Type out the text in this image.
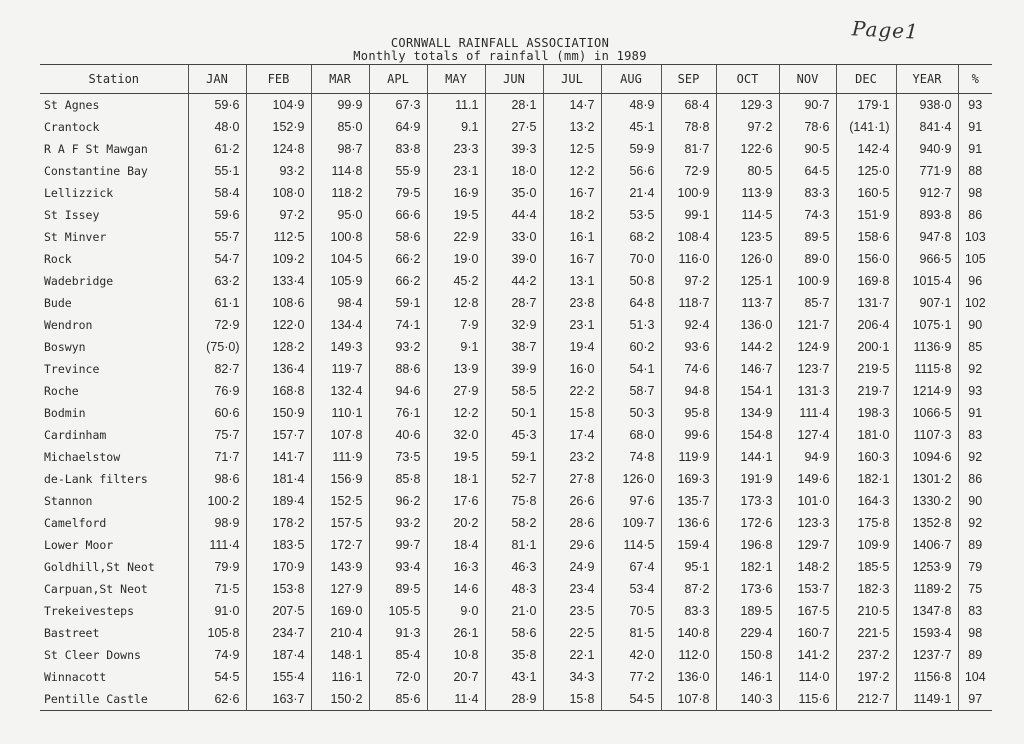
Page1
CORNWALL RAINFALL ASSOCIATION
Monthly totals of rainfall (mm) in 1989
Station	JAN	FEB	MAR	APL	MAY	JUN	JUL	AUG	SEP	OCT	NOV	DEC	YEAR	%
St Agnes	59·6	104·9	99·9	67·3	11.1	28·1	14·7	48·9	68·4	129·3	90·7	179·1	938·0	93
Crantock	48·0	152·9	85·0	64·9	9.1	27·5	13·2	45·1	78·8	97·2	78·6	(141·1)	841·4	91
R A F St Mawgan	61·2	124·8	98·7	83·8	23·3	39·3	12·5	59·9	81·7	122·6	90·5	142·4	940·9	91
Constantine Bay	55·1	93·2	114·8	55·9	23·1	18·0	12·2	56·6	72·9	80·5	64·5	125·0	771·9	88
Lellizzick	58·4	108·0	118·2	79·5	16·9	35·0	16·7	21·4	100·9	113·9	83·3	160·5	912·7	98
St Issey	59·6	97·2	95·0	66·6	19·5	44·4	18·2	53·5	99·1	114·5	74·3	151·9	893·8	86
St Minver	55·7	112·5	100·8	58·6	22·9	33·0	16·1	68·2	108·4	123·5	89·5	158·6	947·8	103
Rock	54·7	109·2	104·5	66·2	19·0	39·0	16·7	70·0	116·0	126·0	89·0	156·0	966·5	105
Wadebridge	63·2	133·4	105·9	66·2	45·2	44·2	13·1	50·8	97·2	125·1	100·9	169·8	1015·4	96
Bude	61·1	108·6	98·4	59·1	12·8	28·7	23·8	64·8	118·7	113·7	85·7	131·7	907·1	102
Wendron	72·9	122·0	134·4	74·1	7·9	32·9	23·1	51·3	92·4	136·0	121·7	206·4	1075·1	90
Boswyn	(75·0)	128·2	149·3	93·2	9·1	38·7	19·4	60·2	93·6	144·2	124·9	200·1	1136·9	85
Trevince	82·7	136·4	119·7	88·6	13·9	39·9	16·0	54·1	74·6	146·7	123·7	219·5	1115·8	92
Roche	76·9	168·8	132·4	94·6	27·9	58·5	22·2	58·7	94·8	154·1	131·3	219·7	1214·9	93
Bodmin	60·6	150·9	110·1	76·1	12·2	50·1	15·8	50·3	95·8	134·9	111·4	198·3	1066·5	91
Cardinham	75·7	157·7	107·8	40·6	32·0	45·3	17·4	68·0	99·6	154·8	127·4	181·0	1107·3	83
Michaelstow	71·7	141·7	111·9	73·5	19·5	59·1	23·2	74·8	119·9	144·1	94·9	160·3	1094·6	92
de-Lank filters	98·6	181·4	156·9	85·8	18·1	52·7	27·8	126·0	169·3	191·9	149·6	182·1	1301·2	86
Stannon	100·2	189·4	152·5	96·2	17·6	75·8	26·6	97·6	135·7	173·3	101·0	164·3	1330·2	90
Camelford	98·9	178·2	157·5	93·2	20·2	58·2	28·6	109·7	136·6	172·6	123·3	175·8	1352·8	92
Lower Moor	111·4	183·5	172·7	99·7	18·4	81·1	29·6	114·5	159·4	196·8	129·7	109·9	1406·7	89
Goldhill,St Neot	79·9	170·9	143·9	93·4	16·3	46·3	24·9	67·4	95·1	182·1	148·2	185·5	1253·9	79
Carpuan,St Neot	71·5	153·8	127·9	89·5	14·6	48·3	23·4	53·4	87·2	173·6	153·7	182·3	1189·2	75
Trekeivesteps	91·0	207·5	169·0	105·5	9·0	21·0	23·5	70·5	83·3	189·5	167·5	210·5	1347·8	83
Bastreet	105·8	234·7	210·4	91·3	26·1	58·6	22·5	81·5	140·8	229·4	160·7	221·5	1593·4	98
St Cleer Downs	74·9	187·4	148·1	85·4	10·8	35·8	22·1	42·0	112·0	150·8	141·2	237·2	1237·7	89
Winnacott	54·5	155·4	116·1	72·0	20·7	43·1	34·3	77·2	136·0	146·1	114·0	197·2	1156·8	104
Pentille Castle	62·6	163·7	150·2	85·6	11·4	28·9	15·8	54·5	107·8	140·3	115·6	212·7	1149·1	97
